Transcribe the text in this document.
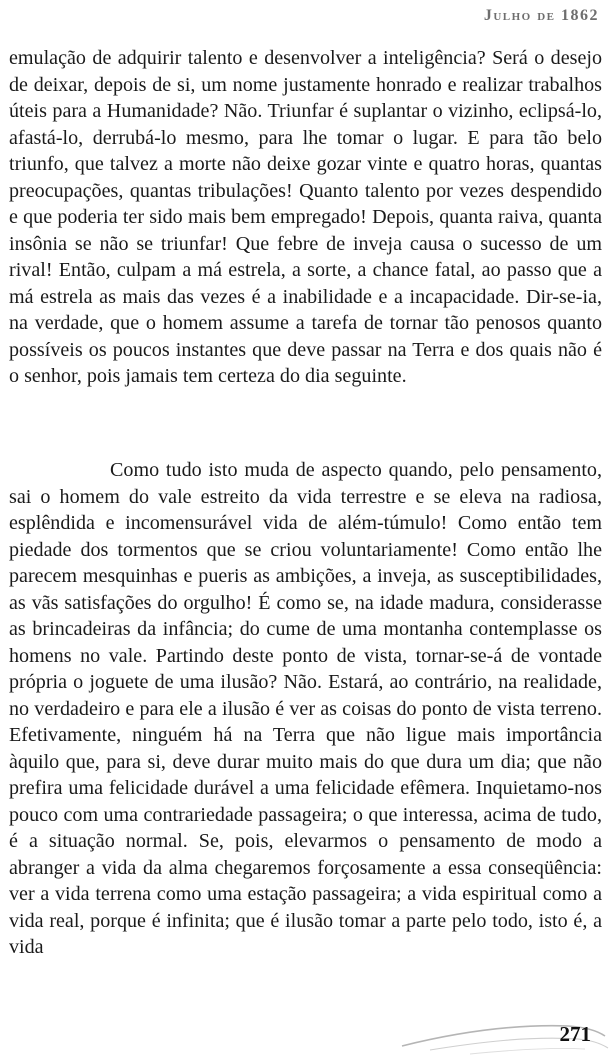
Julho de 1862

emulação de adquirir talento e desenvolver a inteligência? Será o desejo de deixar, depois de si, um nome justamente honrado e realizar trabalhos úteis para a Humanidade? Não. Triunfar é suplantar o vizinho, eclipsá-lo, afastá-lo, derrubá-lo mesmo, para lhe tomar o lugar. E para tão belo triunfo, que talvez a morte não deixe gozar vinte e quatro horas, quantas preocupações, quantas tribulações! Quanto talento por vezes despendido e que poderia ter sido mais bem empregado! Depois, quanta raiva, quanta insônia se não se triunfar! Que febre de inveja causa o sucesso de um rival! Então, culpam a má estrela, a sorte, a chance fatal, ao passo que a má estrela as mais das vezes é a inabilidade e a incapacidade. Dir-se-ia, na verdade, que o homem assume a tarefa de tornar tão penosos quanto possíveis os poucos instantes que deve passar na Terra e dos quais não é o senhor, pois jamais tem certeza do dia seguinte.

Como tudo isto muda de aspecto quando, pelo pensamento, sai o homem do vale estreito da vida terrestre e se eleva na radiosa, esplêndida e incomensurável vida de além-túmulo! Como então tem piedade dos tormentos que se criou voluntariamente! Como então lhe parecem mesquinhas e pueris as ambições, a inveja, as susceptibilidades, as vãs satisfações do orgulho! É como se, na idade madura, considerasse as brincadeiras da infância; do cume de uma montanha contemplasse os homens no vale. Partindo deste ponto de vista, tornar-se-á de vontade própria o joguete de uma ilusão? Não. Estará, ao contrário, na realidade, no verdadeiro e para ele a ilusão é ver as coisas do ponto de vista terreno. Efetivamente, ninguém há na Terra que não ligue mais importância àquilo que, para si, deve durar muito mais do que dura um dia; que não prefira uma felicidade durável a uma felicidade efêmera. Inquietamo-nos pouco com uma contrariedade passageira; o que interessa, acima de tudo, é a situação normal. Se, pois, elevarmos o pensamento de modo a abranger a vida da alma chegaremos forçosamente a essa conseqüência: ver a vida terrena como uma estação passageira; a vida espiritual como a vida real, porque é infinita; que é ilusão tomar a parte pelo todo, isto é, a vida

271
